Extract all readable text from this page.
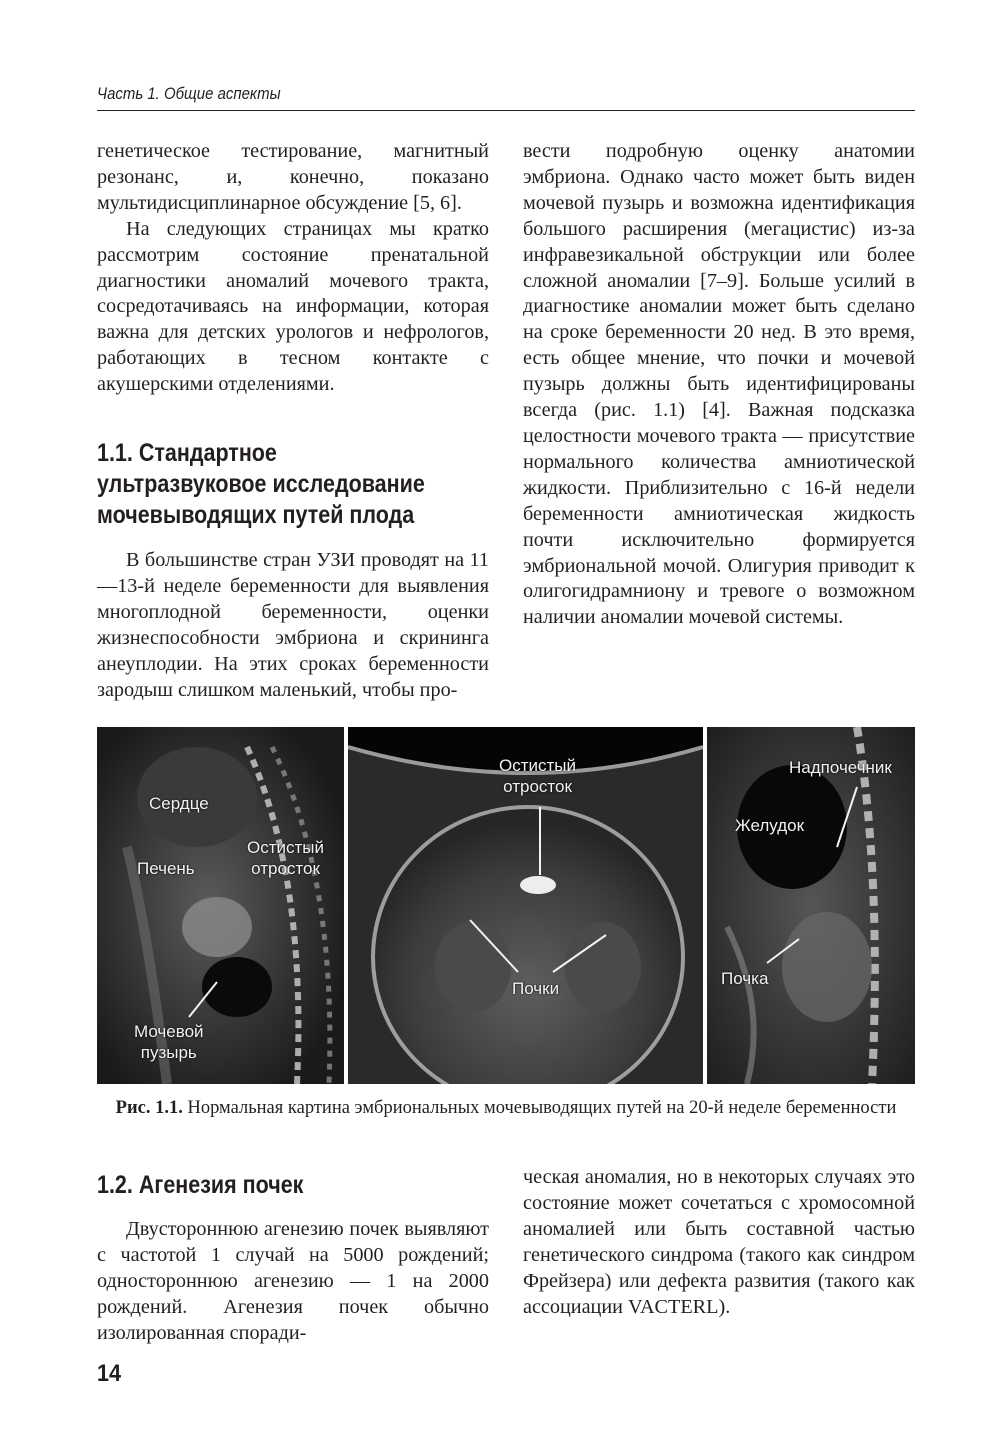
Часть 1. Общие аспекты

генетическое тестирование, магнитный резонанс, и, конечно, показано мультидисциплинарное обсуждение [5, 6].

На следующих страницах мы кратко рассмотрим состояние пренатальной диагностики аномалий мочевого тракта, сосредотачиваясь на информации, которая важна для детских урологов и нефрологов, работающих в тесном контакте с акушерскими отделениями.

1.1. Стандартное
ультразвуковое исследование
мочевыводящих путей плода

В большинстве стран УЗИ проводят на 11—13-й неделе беременности для выявления многоплодной беременности, оценки жизнеспособности эмбриона и скрининга анеуплодии. На этих сроках беременности зародыш слишком маленький, чтобы про-

вести подробную оценку анатомии эмбриона. Однако часто может быть виден мочевой пузырь и возможна идентификация большого расширения (мегацистис) из-за инфравезикальной обструкции или более сложной аномалии [7–9]. Больше усилий в диагностике аномалии может быть сделано на сроке беременности 20 нед. В это время, есть общее мнение, что почки и мочевой пузырь должны быть идентифицированы всегда (рис. 1.1) [4]. Важная подсказка целостности мочевого тракта — присутствие нормального количества амниотической жидкости. Приблизительно с 16-й недели беременности амниотическая жидкость почти исключительно формируется эмбриональной мочой. Олигурия приводит к олигогидрамниону и тревоге о возможном наличии аномалии мочевой системы.

Сердце
Печень
Остистый
отросток
Мочевой
пузырь
Остистый
отросток
Почки
Надпочечник
Желудок
Почка
Рис. 1.1. Нормальная картина эмбриональных мочевыводящих путей на 20-й неделе беременности
1.2. Агенезия почек

Двустороннюю агенезию почек выявляют с частотой 1 случай на 5000 рождений; одностороннюю агенезию — 1 на 2000 рождений. Агенезия почек обычно изолированная споради-

ческая аномалия, но в некоторых случаях это состояние может сочетаться с хромосомной аномалией или быть составной частью генетического синдрома (такого как синдром Фрейзера) или дефекта развития (такого как ассоциации VACTERL).

14
